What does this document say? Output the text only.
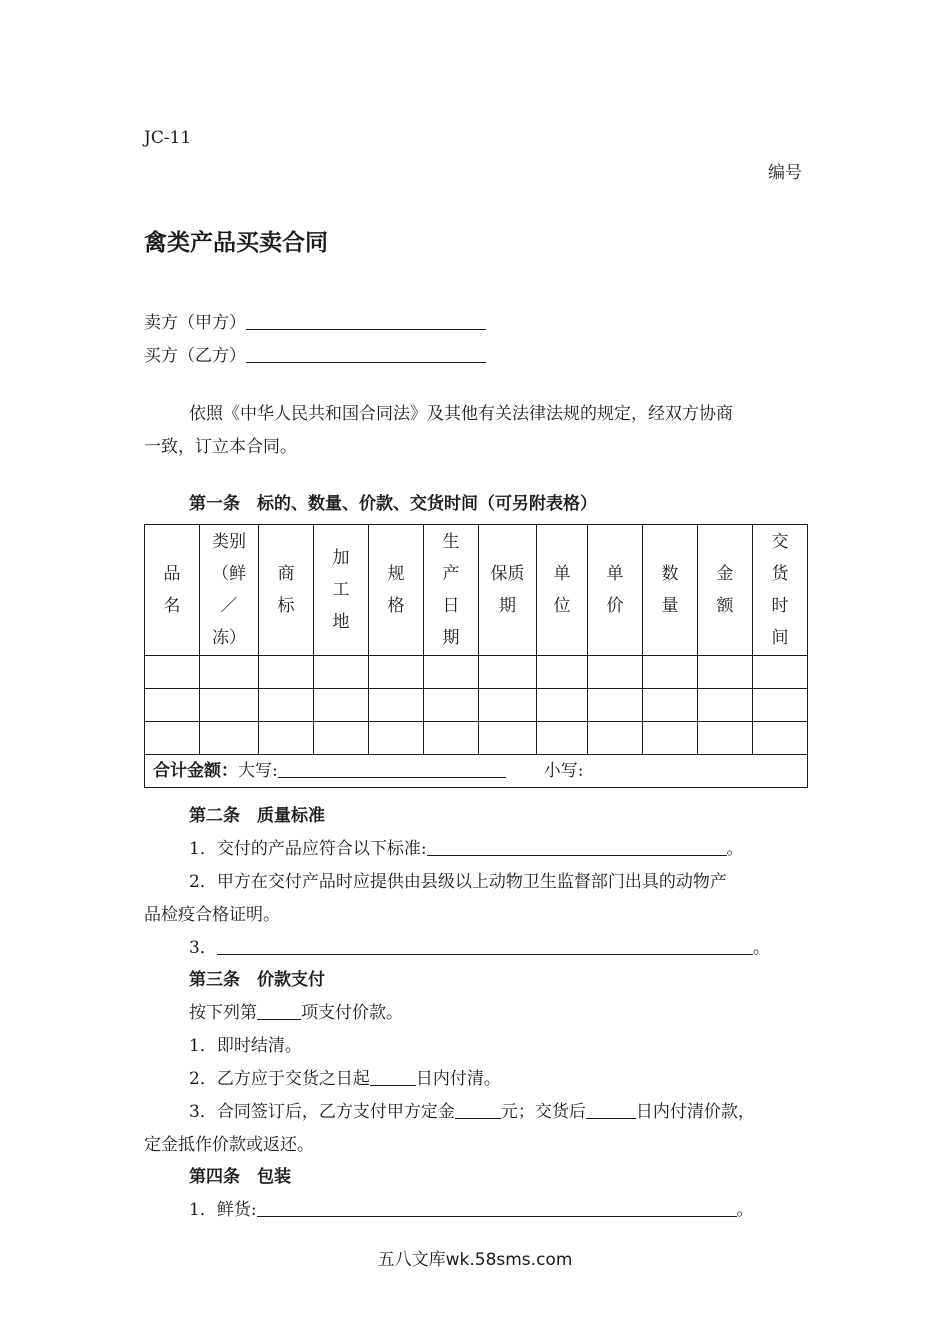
JC-11
编号
禽类产品买卖合同
卖方（甲方）
买方（乙方）
依照《中华人民共和国合同法》及其他有关法律法规的规定，经双方协商
一致，订立本合同。
第一条　标的、数量、价款、交货时间（可另附表格）
品名	类别（鲜／冻）	商标	加工地	规格	生产日期	保质期	单位	单价	数量	金额	交货时间

合计金额：大写: 小写:											
第二条　质量标准
1．交付的产品应符合以下标准:	。
2．甲方在交付产品时应提供由县级以上动物卫生监督部门出具的动物产
品检疫合格证明。
3．	。
第三条　价款支付
按下列第	项支付价款。
1．即时结清。
2．乙方应于交货之日起	日内付清。
3．合同签订后，乙方支付甲方定金	元；交货后	日内付清价款，
定金抵作价款或返还。
第四条　包装
1．鲜货:	。
五八文库wk.58sms.com
